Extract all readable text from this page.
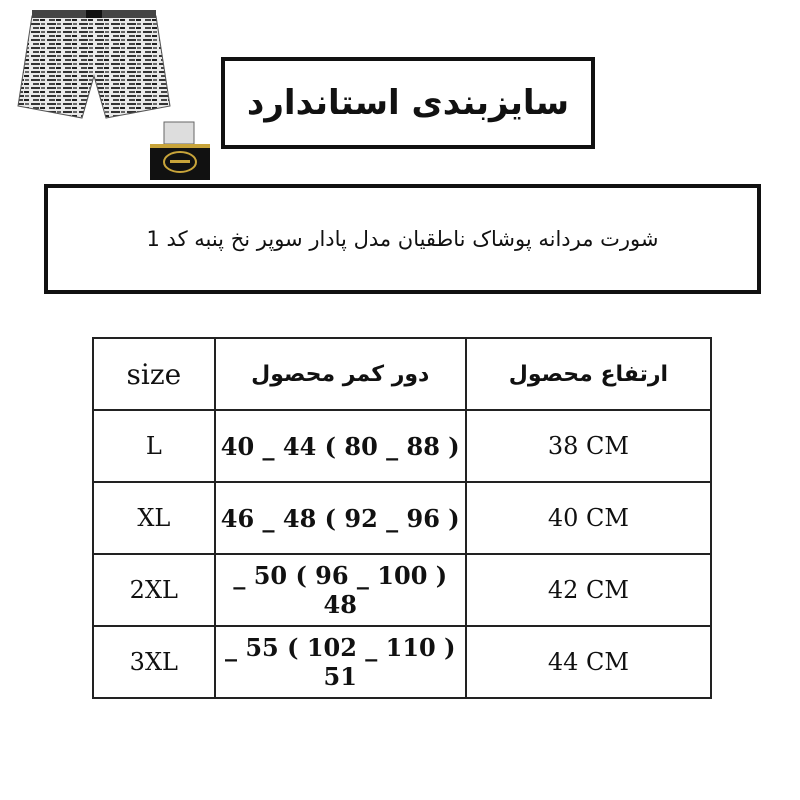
سایزبندی استاندارد
شورت مردانه پوشاک ناطقیان مدل پادار سوپر نخ پنبه کد 1
size	دور کمر محصول	ارتفاع محصول
L	( 88 _ 80 ) 44 _ 40	38 CM
XL	( 96 _ 92 ) 48 _ 46	40 CM
2XL	( 100 _ 96 ) 50 _ 48	42 CM
3XL	( 110 _ 102 ) 55 _ 51	44 CM
